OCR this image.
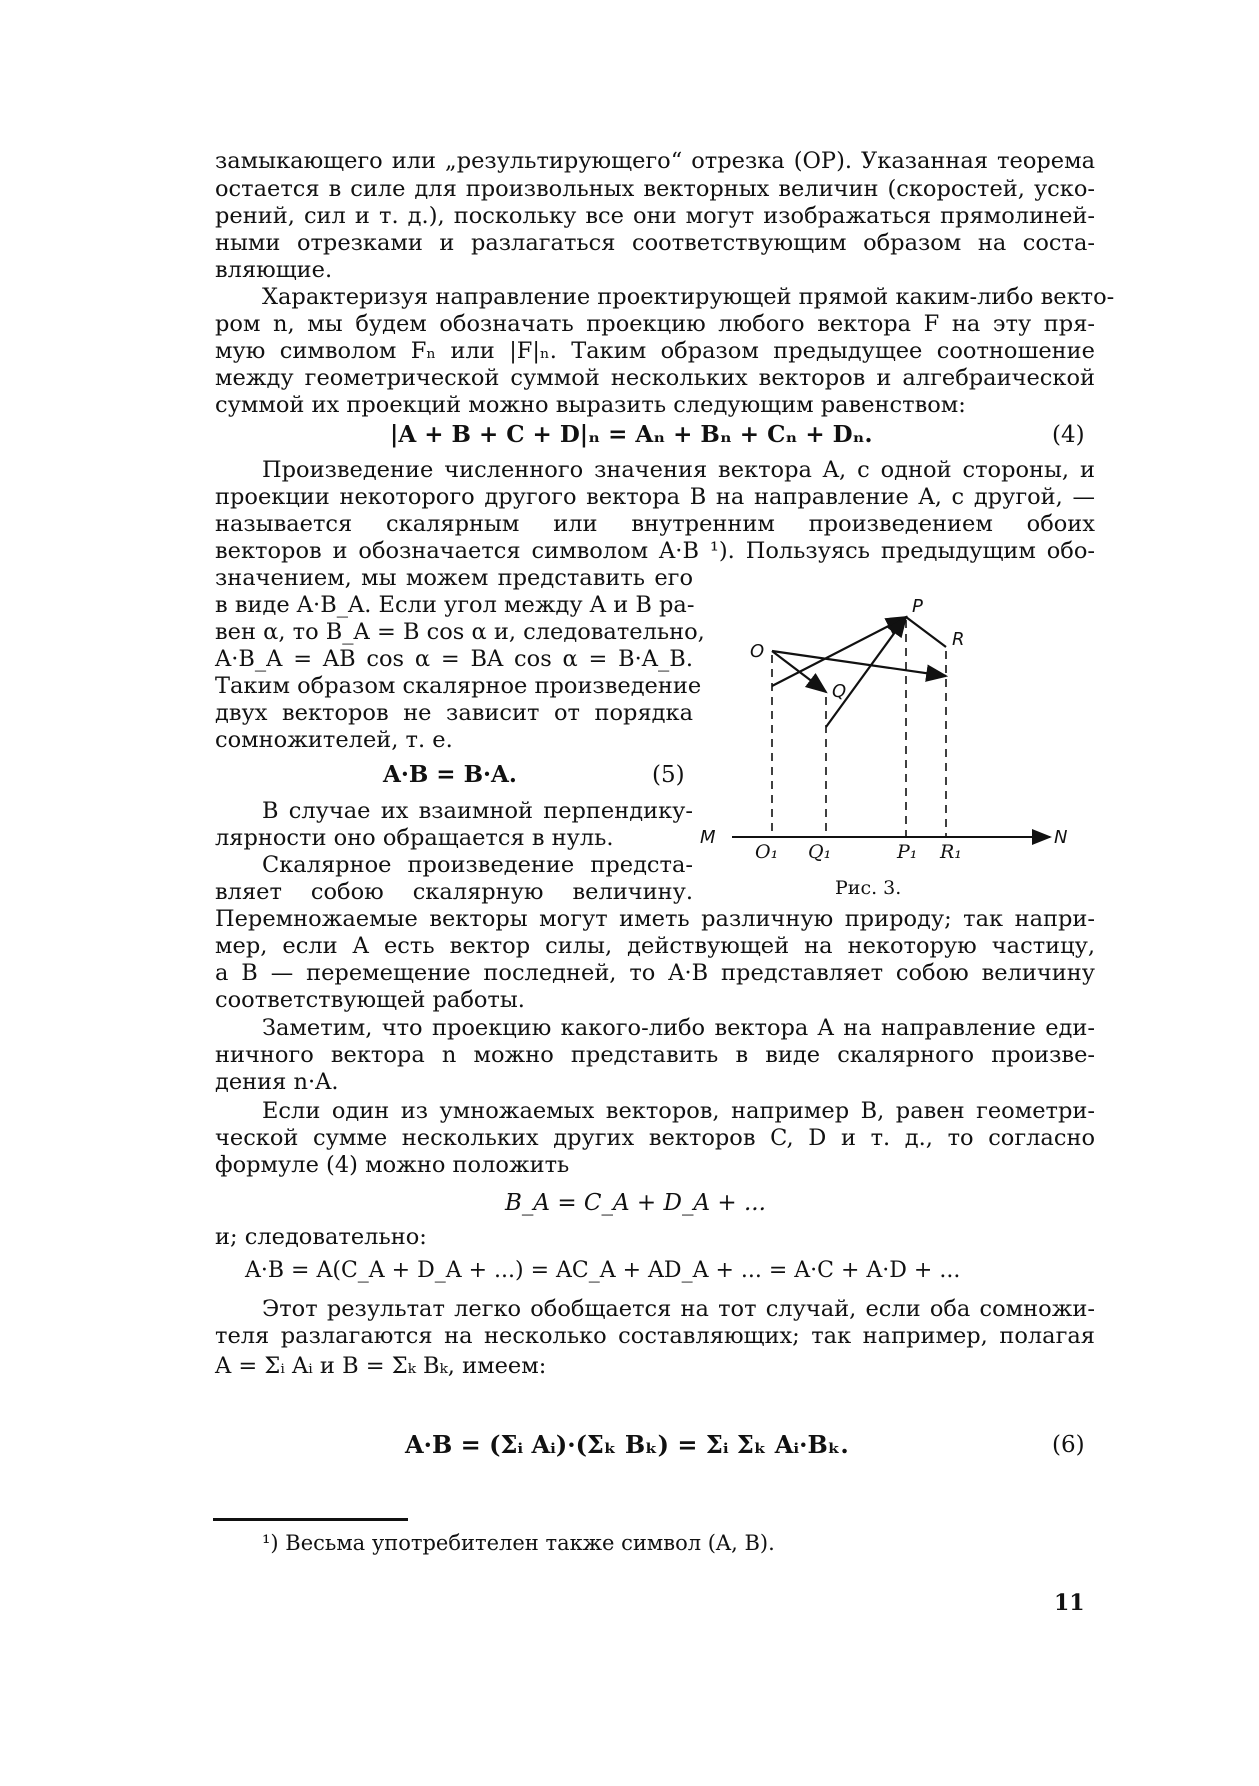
замыкающего или „результирующего“ отрезка (OP). Указанная теорема
остается в силе для произвольных векторных величин (скоростей, уско-
рений, сил и т. д.), поскольку все они могут изображаться прямолиней-
ными отрезками и разлагаться соответствующим образом на соста-
вляющие.
Характеризуя направление проектирующей прямой каким-либо векто-
ром n, мы будем обозначать проекцию любого вектора F на эту пря-
мую символом Fₙ или |F|ₙ. Таким образом предыдущее соотношение
между геометрической суммой нескольких векторов и алгебраической
суммой их проекций можно выразить следующим равенством:
|A + B + C + D|ₙ = Aₙ + Bₙ + Cₙ + Dₙ.	(4)
Произведение численного значения вектора A, с одной стороны, и
проекции некоторого другого вектора B на направление A, с другой, —
называется скалярным или внутренним произведением обоих
векторов и обозначается символом A·B ¹). Пользуясь предыдущим обо-
значением, мы можем представить его
в виде A·B_A. Если угол между A и B ра-
вен α, то B_A = B cos α и, следовательно,
A·B_A = AB cos α = BA cos α = B·A_B.
Таким образом скалярное произведение
двух векторов не зависит от порядка
сомножителей, т. е.
A·B = B·A.	(5)
В случае их взаимной перпендику-
лярности оно обращается в нуль.
Скалярное произведение предста-
вляет собою скалярную величину.
Перемножаемые векторы могут иметь различную природу; так напри-
мер, если A есть вектор силы, действующей на некоторую частицу,
а B — перемещение последней, то A·B представляет собою величину
соответствующей работы.
Заметим, что проекцию какого-либо вектора A на направление еди-
ничного вектора n можно представить в виде скалярного произве-
дения n·A.
Если один из умножаемых векторов, например B, равен геометри-
ческой сумме нескольких других векторов C, D и т. д., то согласно
формуле (4) можно положить
B_A = C_A + D_A + ...
и; следовательно:
A·B = A(C_A + D_A + ...) = AC_A + AD_A + ... = A·C + A·D + ...
Этот результат легко обобщается на тот случай, если оба сомножи-
теля разлагаются на несколько составляющих; так например, полагая
A = Σᵢ Aᵢ и B = Σₖ Bₖ, имеем:
A·B = (Σᵢ Aᵢ)·(Σₖ Bₖ) = Σᵢ Σₖ Aᵢ·Bₖ.	(6)
¹) Весьма употребителен также символ (A, B).
11
O
P
R
Q
M	N
O₁ Q₁	P₁ R₁
Рис. 3.
